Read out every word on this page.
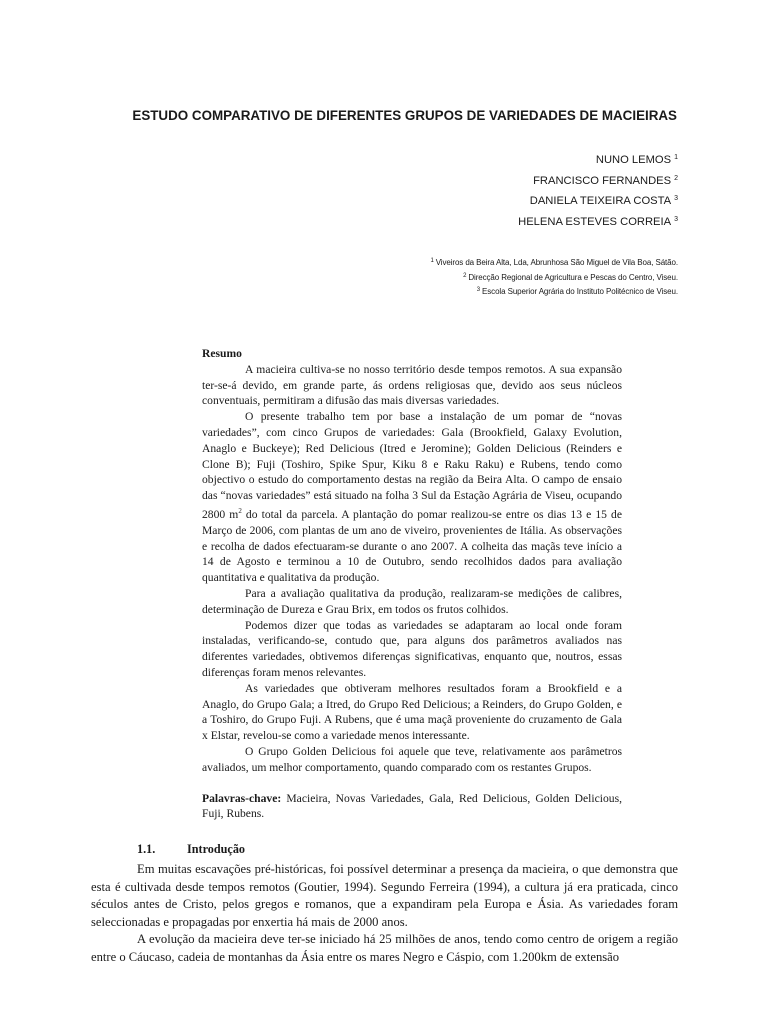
ESTUDO COMPARATIVO DE DIFERENTES GRUPOS DE VARIEDADES DE MACIEIRAS
NUNO LEMOS $^1$
FRANCISCO FERNANDES $^2$
DANIELA TEIXEIRA COSTA $^3$
HELENA ESTEVES CORREIA $^3$
$^1$ Viveiros da Beira Alta, Lda, Abrunhosa São Miguel de Vila Boa, Sátão.
$^2$ Direcção Regional de Agricultura e Pescas do Centro, Viseu.
$^3$ Escola Superior Agrária do Instituto Politécnico de Viseu.
Resumo

A macieira cultiva-se no nosso território desde tempos remotos. A sua expansão ter-se-á devido, em grande parte, ás ordens religiosas que, devido aos seus núcleos conventuais, permitiram a difusão das mais diversas variedades.

O presente trabalho tem por base a instalação de um pomar de “novas variedades”, com cinco Grupos de variedades: Gala (Brookfield, Galaxy Evolution, Anaglo e Buckeye); Red Delicious (Itred e Jeromine); Golden Delicious (Reinders e Clone B); Fuji (Toshiro, Spike Spur, Kiku 8 e Raku Raku) e Rubens, tendo como objectivo o estudo do comportamento destas na região da Beira Alta. O campo de ensaio das “novas variedades” está situado na folha 3 Sul da Estação Agrária de Viseu, ocupando 2800 $m^2$ do total da parcela. A plantação do pomar realizou-se entre os dias 13 e 15 de Março de 2006, com plantas de um ano de viveiro, provenientes de Itália. As observações e recolha de dados efectuaram-se durante o ano 2007. A colheita das maçãs teve início a 14 de Agosto e terminou a 10 de Outubro, sendo recolhidos dados para avaliação quantitativa e qualitativa da produção.

Para a avaliação qualitativa da produção, realizaram-se medições de calibres, determinação de Dureza e Grau Brix, em todos os frutos colhidos.

Podemos dizer que todas as variedades se adaptaram ao local onde foram instaladas, verificando-se, contudo que, para alguns dos parâmetros avaliados nas diferentes variedades, obtivemos diferenças significativas, enquanto que, noutros, essas diferenças foram menos relevantes.

As variedades que obtiveram melhores resultados foram a Brookfield e a Anaglo, do Grupo Gala; a Itred, do Grupo Red Delicious; a Reinders, do Grupo Golden, e a Toshiro, do Grupo Fuji. A Rubens, que é uma maçã proveniente do cruzamento de Gala x Elstar, revelou-se como a variedade menos interessante.

O Grupo Golden Delicious foi aquele que teve, relativamente aos parâmetros avaliados, um melhor comportamento, quando comparado com os restantes Grupos.

Palavras-chave: Macieira, Novas Variedades, Gala, Red Delicious, Golden Delicious, Fuji, Rubens.

1.1.	Introdução

Em muitas escavações pré-históricas, foi possível determinar a presença da macieira, o que demonstra que esta é cultivada desde tempos remotos (Goutier, 1994). Segundo Ferreira (1994), a cultura já era praticada, cinco séculos antes de Cristo, pelos gregos e romanos, que a expandiram pela Europa e Ásia. As variedades foram seleccionadas e propagadas por enxertia há mais de 2000 anos.

A evolução da macieira deve ter-se iniciado há 25 milhões de anos, tendo como centro de origem a região entre o Cáucaso, cadeia de montanhas da Ásia entre os mares Negro e Cáspio, com 1.200km de extensão
